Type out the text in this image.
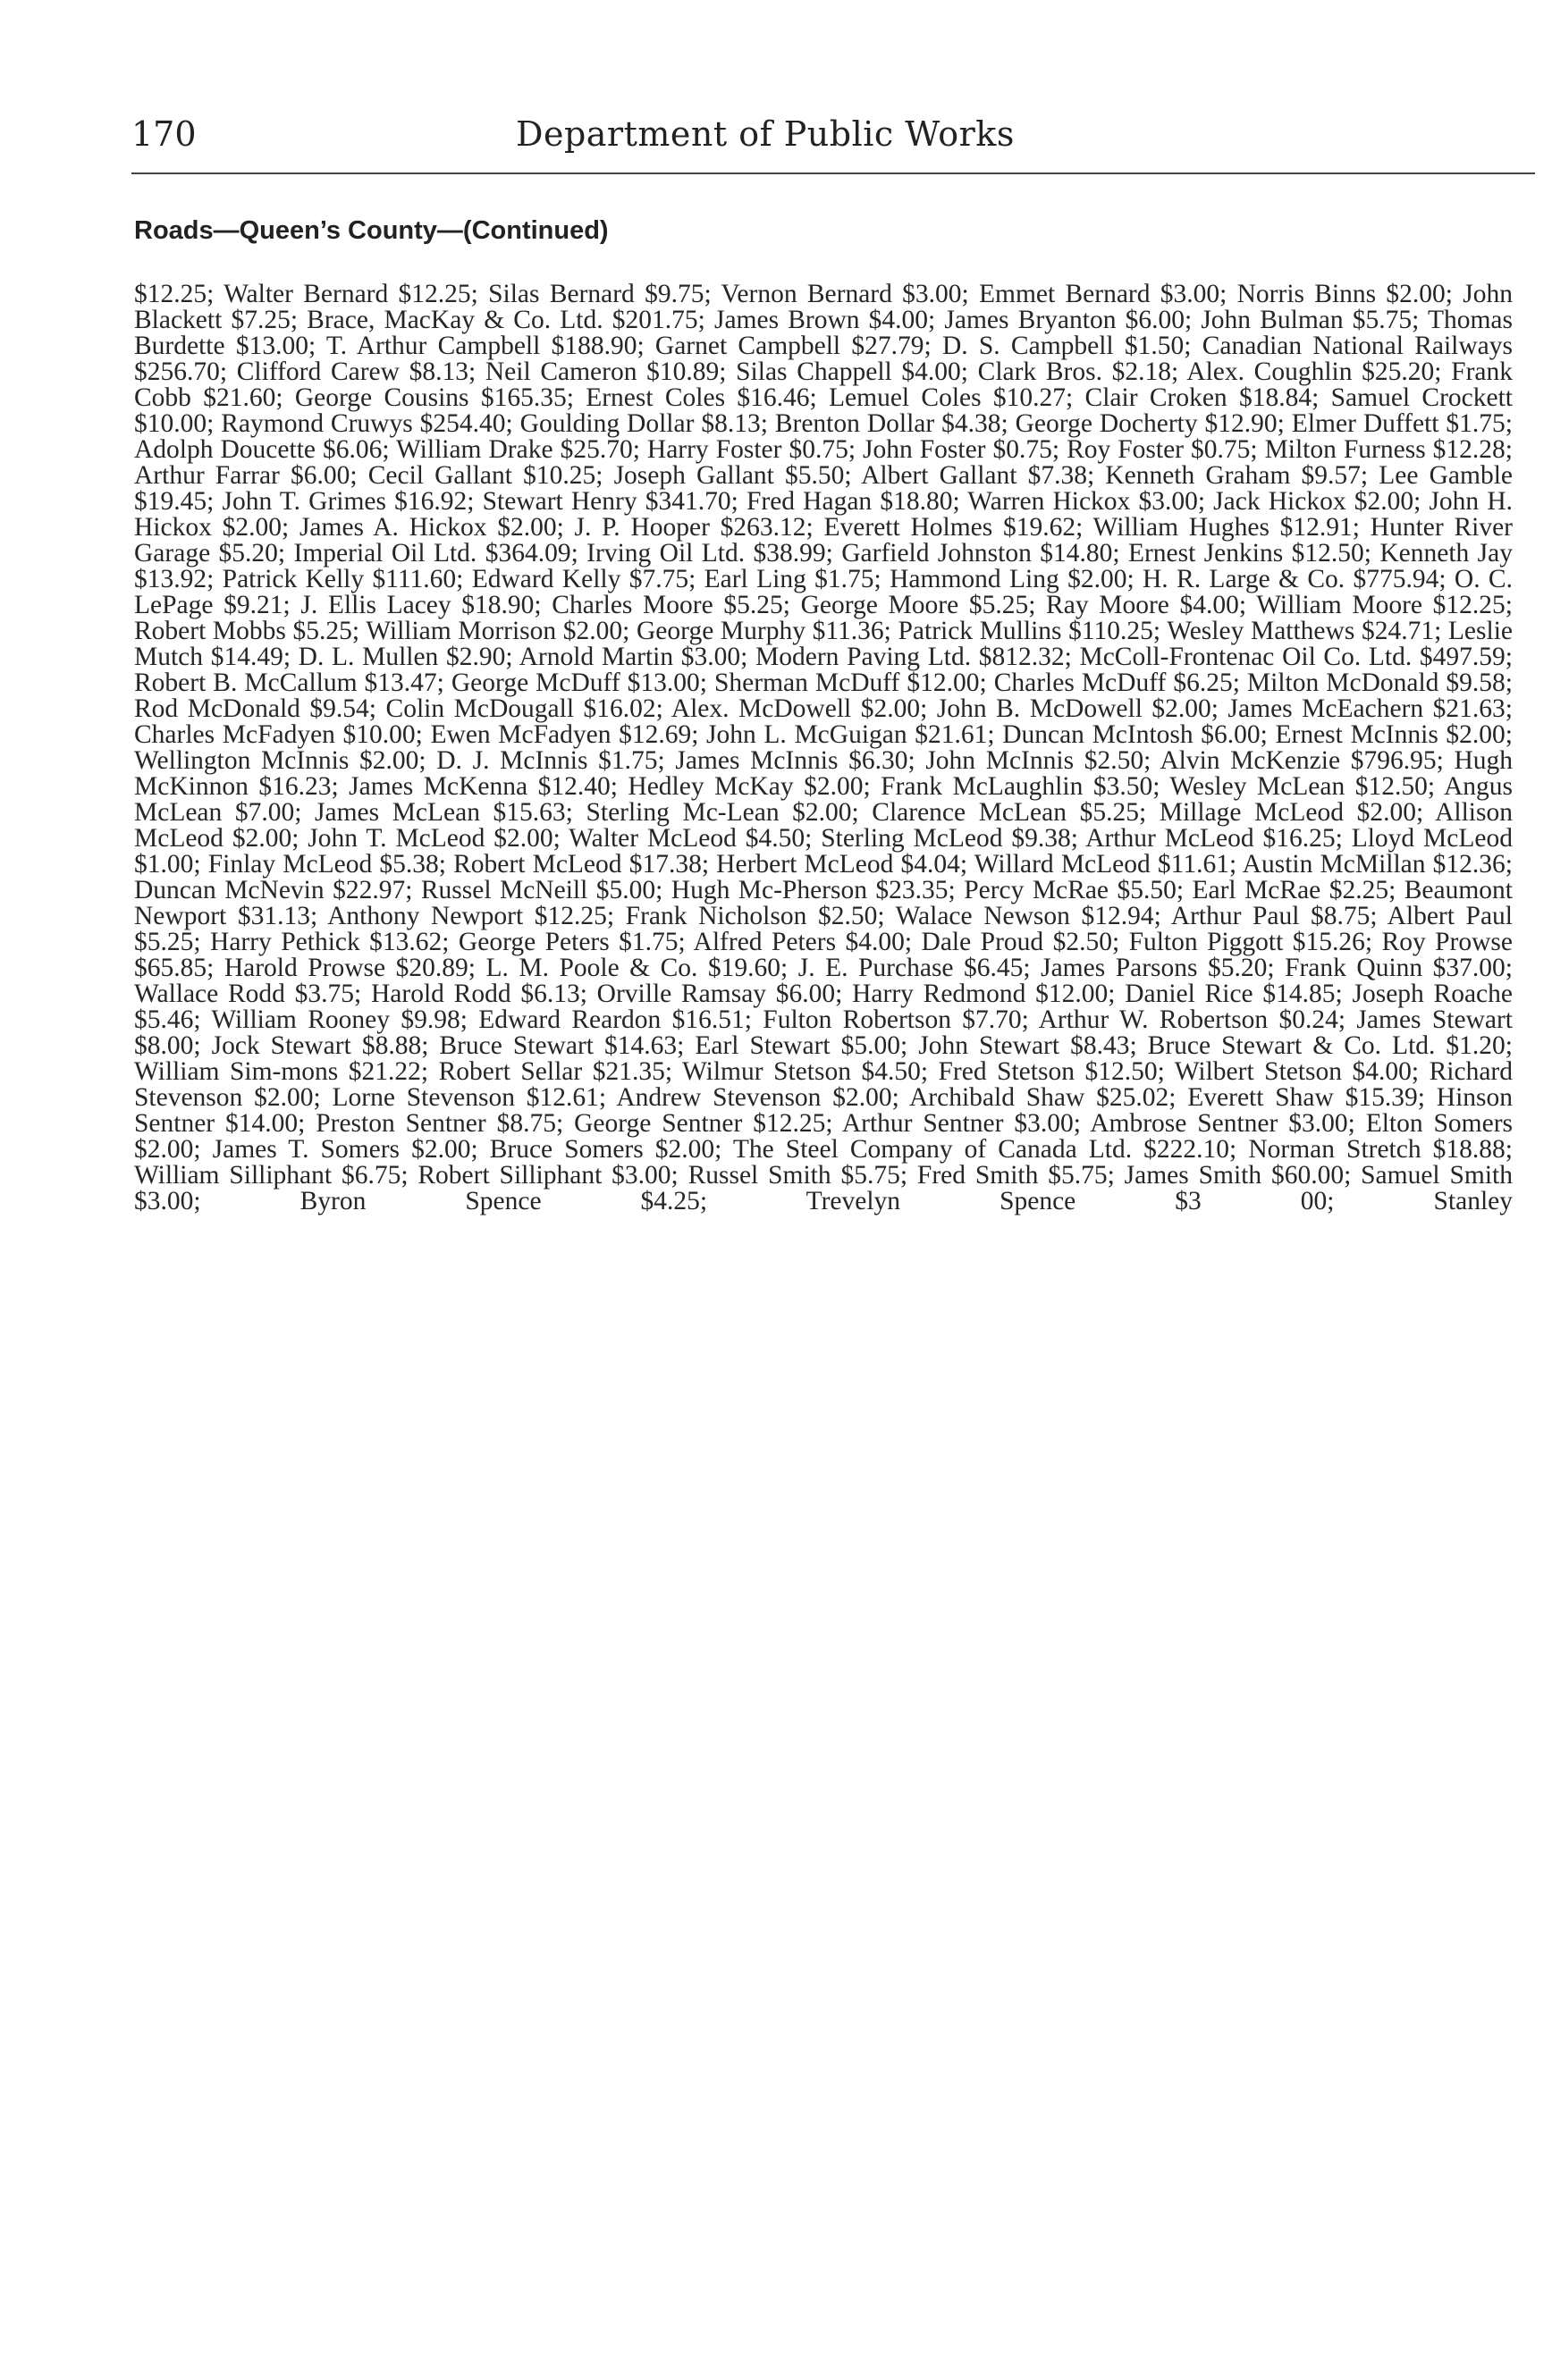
170	Department of Public Works
Roads—Queen’s County—(Continued)
$12.25; Walter Bernard $12.25; Silas Bernard $9.75; Vernon Bernard $3.00; Emmet Bernard $3.00; Norris Binns $2.00; John Blackett $7.25; Brace, MacKay & Co. Ltd. $201.75; James Brown $4.00; James Bryanton $6.00; John Bulman $5.75; Thomas Burdette $13.00; T. Arthur Campbell $188.90; Garnet Campbell $27.79; D. S. Campbell $1.50; Canadian National Railways $256.70; Clifford Carew $8.13; Neil Cameron $10.89; Silas Chappell $4.00; Clark Bros. $2.18; Alex. Coughlin $25.20; Frank Cobb $21.60; George Cousins $165.35; Ernest Coles $16.46; Lemuel Coles $10.27; Clair Croken $18.84; Samuel Crockett $10.00; Raymond Cruwys $254.40; Goulding Dollar $8.13; Brenton Dollar $4.38; George Docherty $12.90; Elmer Duffett $1.75; Adolph Doucette $6.06; William Drake $25.70; Harry Foster $0.75; John Foster $0.75; Roy Foster $0.75; Milton Furness $12.28; Arthur Farrar $6.00; Cecil Gallant $10.25; Joseph Gallant $5.50; Albert Gallant $7.38; Kenneth Graham $9.57; Lee Gamble $19.45; John T. Grimes $16.92; Stewart Henry $341.70; Fred Hagan $18.80; Warren Hickox $3.00; Jack Hickox $2.00; John H. Hickox $2.00; James A. Hickox $2.00; J. P. Hooper $263.12; Everett Holmes $19.62; William Hughes $12.91; Hunter River Garage $5.20; Imperial Oil Ltd. $364.09; Irving Oil Ltd. $38.99; Garfield Johnston $14.80; Ernest Jenkins $12.50; Kenneth Jay $13.92; Patrick Kelly $111.60; Edward Kelly $7.75; Earl Ling $1.75; Hammond Ling $2.00; H. R. Large & Co. $775.94; O. C. LePage $9.21; J. Ellis Lacey $18.90; Charles Moore $5.25; George Moore $5.25; Ray Moore $4.00; William Moore $12.25; Robert Mobbs $5.25; William Morrison $2.00; George Murphy $11.36; Patrick Mullins $110.25; Wesley Matthews $24.71; Leslie Mutch $14.49; D. L. Mullen $2.90; Arnold Martin $3.00; Modern Paving Ltd. $812.32; McColl-Frontenac Oil Co. Ltd. $497.59; Robert B. McCallum $13.47; George McDuff $13.00; Sherman McDuff $12.00; Charles McDuff $6.25; Milton McDonald $9.58; Rod McDonald $9.54; Colin McDougall $16.02; Alex. McDowell $2.00; John B. McDowell $2.00; James McEachern $21.63; Charles McFadyen $10.00; Ewen McFadyen $12.69; John L. McGuigan $21.61; Duncan McIntosh $6.00; Ernest McInnis $2.00; Wellington McInnis $2.00; D. J. McInnis $1.75; James McInnis $6.30; John McInnis $2.50; Alvin McKenzie $796.95; Hugh McKinnon $16.23; James McKenna $12.40; Hedley McKay $2.00; Frank McLaughlin $3.50; Wesley McLean $12.50; Angus McLean $7.00; James McLean $15.63; Sterling Mc-Lean $2.00; Clarence McLean $5.25; Millage McLeod $2.00; Allison McLeod $2.00; John T. McLeod $2.00; Walter McLeod $4.50; Sterling McLeod $9.38; Arthur McLeod $16.25; Lloyd McLeod $1.00; Finlay McLeod $5.38; Robert McLeod $17.38; Herbert McLeod $4.04; Willard McLeod $11.61; Austin McMillan $12.36; Duncan McNevin $22.97; Russel McNeill $5.00; Hugh Mc-Pherson $23.35; Percy McRae $5.50; Earl McRae $2.25; Beaumont Newport $31.13; Anthony Newport $12.25; Frank Nicholson $2.50; Walace Newson $12.94; Arthur Paul $8.75; Albert Paul $5.25; Harry Pethick $13.62; George Peters $1.75; Alfred Peters $4.00; Dale Proud $2.50; Fulton Piggott $15.26; Roy Prowse $65.85; Harold Prowse $20.89; L. M. Poole & Co. $19.60; J. E. Purchase $6.45; James Parsons $5.20; Frank Quinn $37.00; Wallace Rodd $3.75; Harold Rodd $6.13; Orville Ramsay $6.00; Harry Redmond $12.00; Daniel Rice $14.85; Joseph Roache $5.46; William Rooney $9.98; Edward Reardon $16.51; Fulton Robertson $7.70; Arthur W. Robertson $0.24; James Stewart $8.00; Jock Stewart $8.88; Bruce Stewart $14.63; Earl Stewart $5.00; John Stewart $8.43; Bruce Stewart & Co. Ltd. $1.20; William Sim-mons $21.22; Robert Sellar $21.35; Wilmur Stetson $4.50; Fred Stetson $12.50; Wilbert Stetson $4.00; Richard Stevenson $2.00; Lorne Stevenson $12.61; Andrew Stevenson $2.00; Archibald Shaw $25.02; Everett Shaw $15.39; Hinson Sentner $14.00; Preston Sentner $8.75; George Sentner $12.25; Arthur Sentner $3.00; Ambrose Sentner $3.00; Elton Somers $2.00; James T. Somers $2.00; Bruce Somers $2.00; The Steel Company of Canada Ltd. $222.10; Norman Stretch $18.88; William Silliphant $6.75; Robert Silliphant $3.00; Russel Smith $5.75; Fred Smith $5.75; James Smith $60.00; Samuel Smith $3.00; Byron Spence $4.25; Trevelyn Spence $3 00; Stanley
